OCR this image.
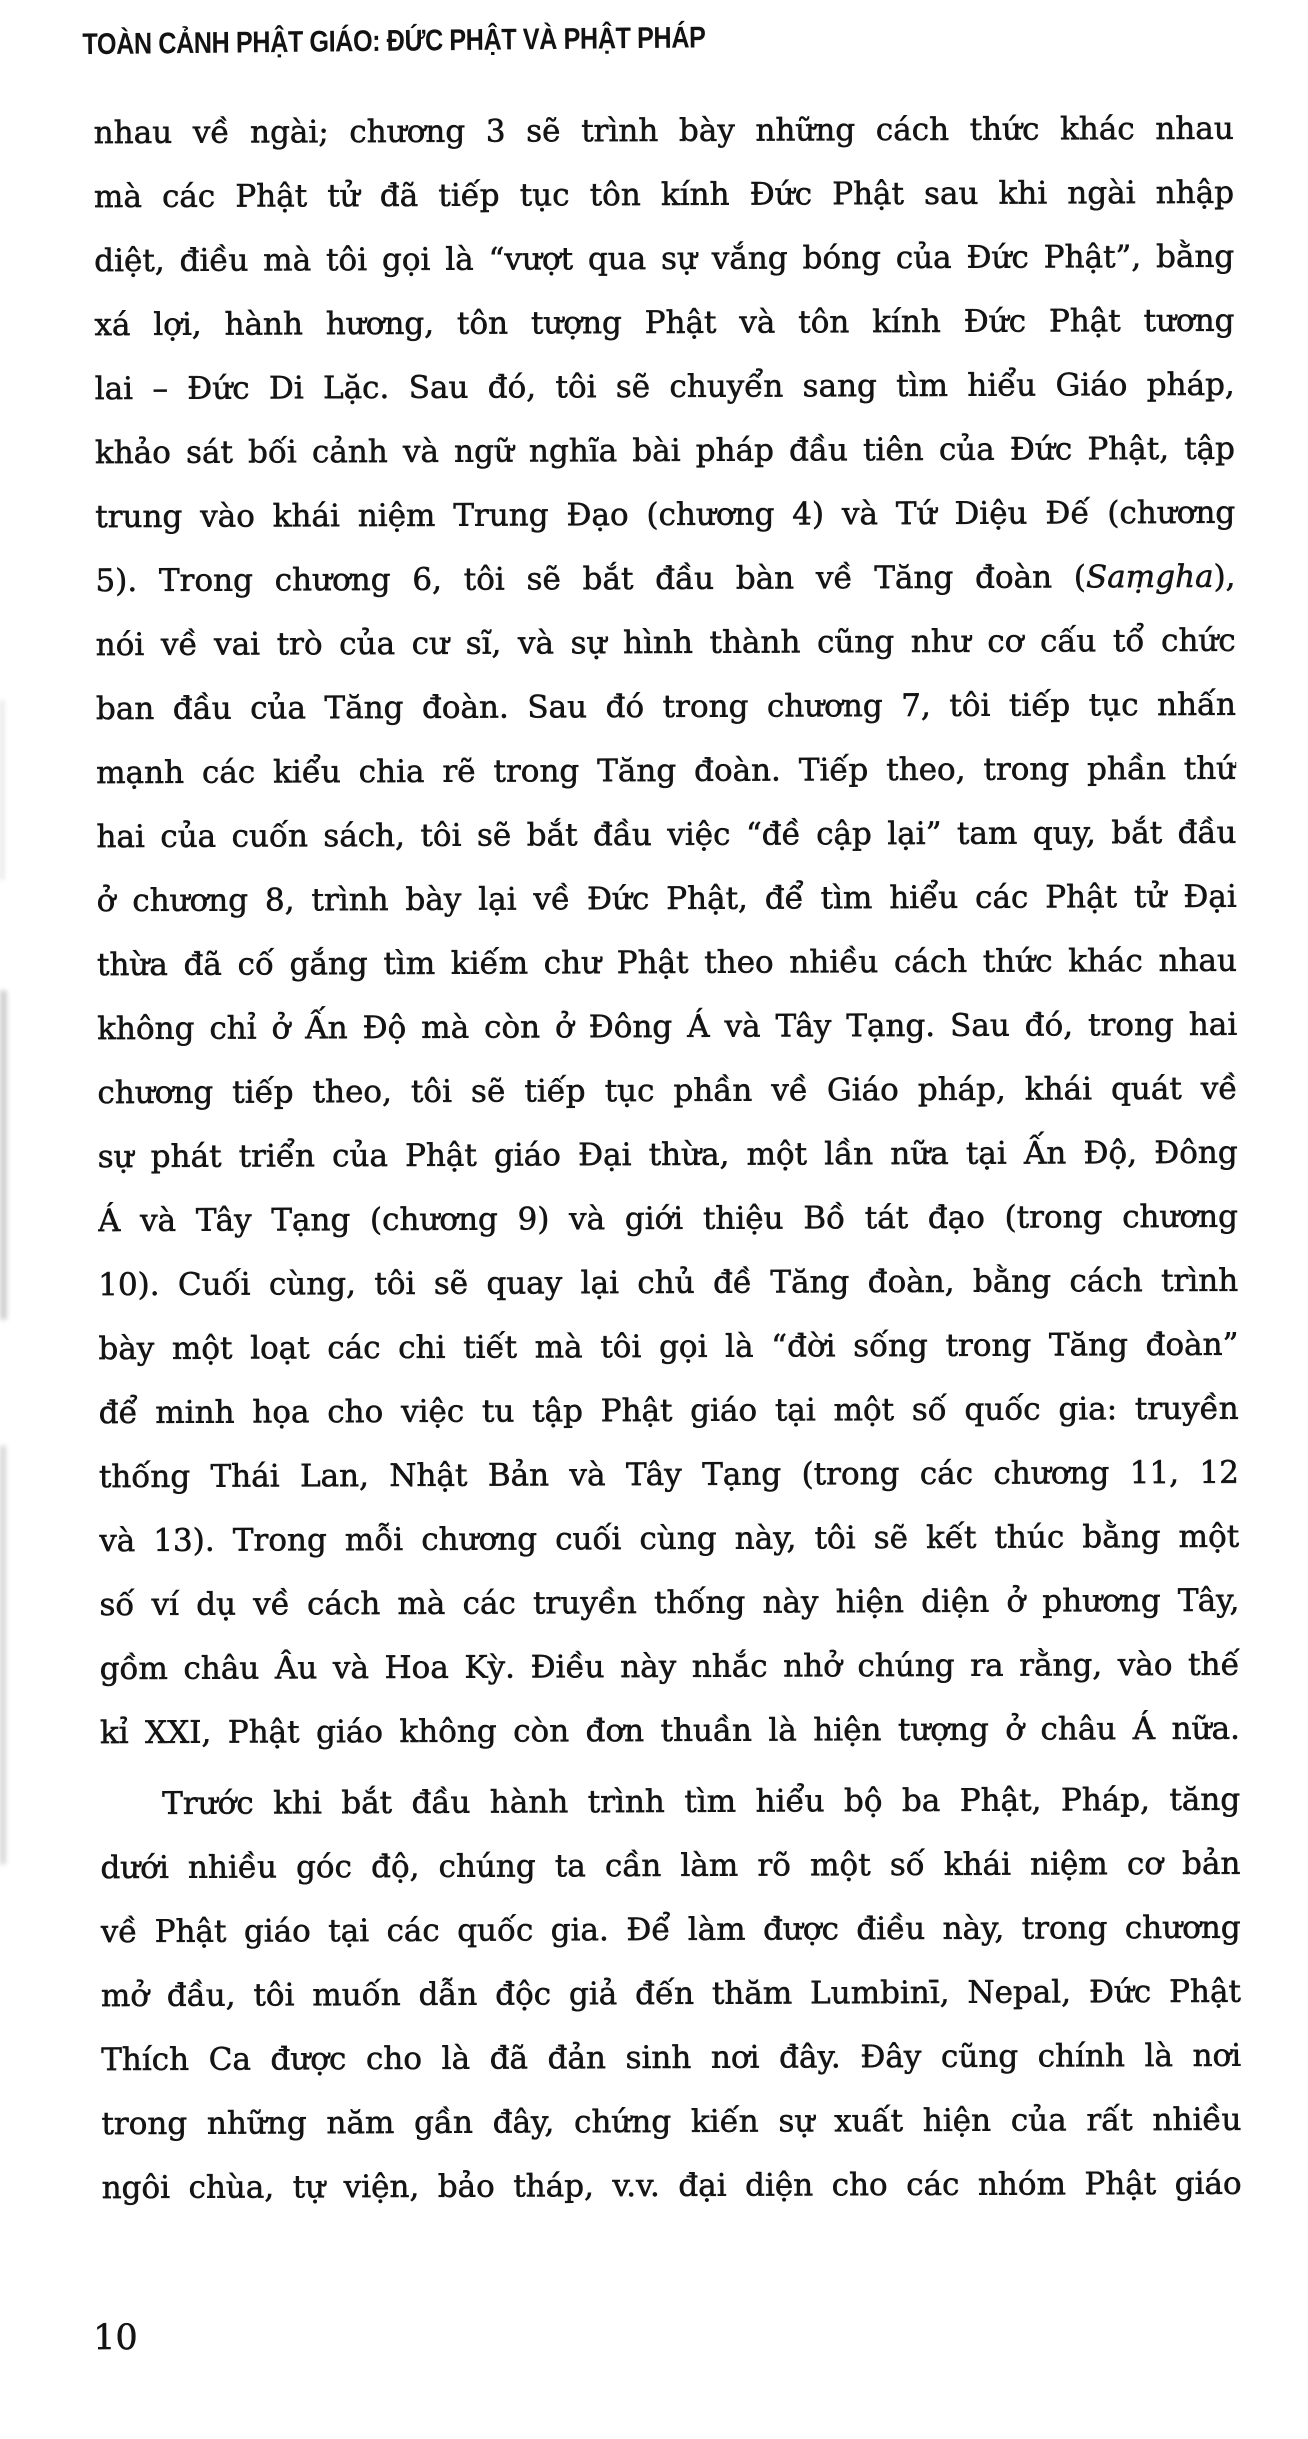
TOÀN CẢNH PHẬT GIÁO: ĐỨC PHẬT VÀ PHẬT PHÁP
nhau về ngài; chương 3 sẽ trình bày những cách thức khác nhau
mà các Phật tử đã tiếp tục tôn kính Đức Phật sau khi ngài nhập
diệt, điều mà tôi gọi là “vượt qua sự vắng bóng của Đức Phật”, bằng
xá lợi, hành hương, tôn tượng Phật và tôn kính Đức Phật tương
lai – Đức Di Lặc. Sau đó, tôi sẽ chuyển sang tìm hiểu Giáo pháp,
khảo sát bối cảnh và ngữ nghĩa bài pháp đầu tiên của Đức Phật, tập
trung vào khái niệm Trung Đạo (chương 4) và Tứ Diệu Đế (chương
5). Trong chương 6, tôi sẽ bắt đầu bàn về Tăng đoàn (Saṃgha),
nói về vai trò của cư sĩ, và sự hình thành cũng như cơ cấu tổ chức
ban đầu của Tăng đoàn. Sau đó trong chương 7, tôi tiếp tục nhấn
mạnh các kiểu chia rẽ trong Tăng đoàn. Tiếp theo, trong phần thứ
hai của cuốn sách, tôi sẽ bắt đầu việc “đề cập lại” tam quy, bắt đầu
ở chương 8, trình bày lại về Đức Phật, để tìm hiểu các Phật tử Đại
thừa đã cố gắng tìm kiếm chư Phật theo nhiều cách thức khác nhau
không chỉ ở Ấn Độ mà còn ở Đông Á và Tây Tạng. Sau đó, trong hai
chương tiếp theo, tôi sẽ tiếp tục phần về Giáo pháp, khái quát về
sự phát triển của Phật giáo Đại thừa, một lần nữa tại Ấn Độ, Đông
Á và Tây Tạng (chương 9) và giới thiệu Bồ tát đạo (trong chương
10). Cuối cùng, tôi sẽ quay lại chủ đề Tăng đoàn, bằng cách trình
bày một loạt các chi tiết mà tôi gọi là “đời sống trong Tăng đoàn”
để minh họa cho việc tu tập Phật giáo tại một số quốc gia: truyền
thống Thái Lan, Nhật Bản và Tây Tạng (trong các chương 11, 12
và 13). Trong mỗi chương cuối cùng này, tôi sẽ kết thúc bằng một
số ví dụ về cách mà các truyền thống này hiện diện ở phương Tây,
gồm châu Âu và Hoa Kỳ. Điều này nhắc nhở chúng ra rằng, vào thế
kỉ XXI, Phật giáo không còn đơn thuần là hiện tượng ở châu Á nữa.
Trước khi bắt đầu hành trình tìm hiểu bộ ba Phật, Pháp, tăng
dưới nhiều góc độ, chúng ta cần làm rõ một số khái niệm cơ bản
về Phật giáo tại các quốc gia. Để làm được điều này, trong chương
mở đầu, tôi muốn dẫn độc giả đến thăm Lumbinī, Nepal, Đức Phật
Thích Ca được cho là đã đản sinh nơi đây. Đây cũng chính là nơi
trong những năm gần đây, chứng kiến sự xuất hiện của rất nhiều
ngôi chùa, tự viện, bảo tháp, v.v. đại diện cho các nhóm Phật giáo
10
